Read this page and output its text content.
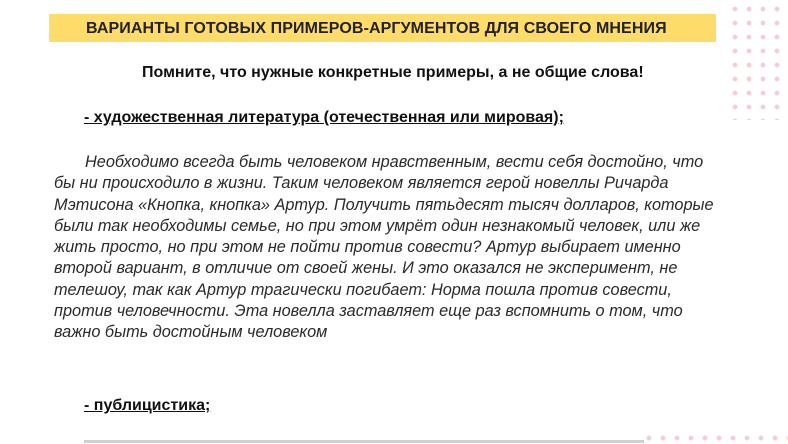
ВАРИАНТЫ ГОТОВЫХ ПРИМЕРОВ-АРГУМЕНТОВ ДЛЯ СВОЕГО МНЕНИЯ
Помните, что нужные конкретные примеры, а не общие слова!
- художественная литература (отечественная или мировая);
Необходимо всегда быть человеком нравственным, вести себя достойно, что
бы ни происходило в жизни. Таким человеком является герой новеллы Ричарда
Мэтисона «Кнопка, кнопка» Артур. Получить пятьдесят тысяч долларов, которые
были так необходимы семье, но при этом умрёт один незнакомый человек, или же
жить просто, но при этом не пойти против совести? Артур выбирает именно
второй вариант, в отличие от своей жены. И это оказался не эксперимент, не
телешоу, так как Артур трагически погибает: Норма пошла против совести,
против человечности. Эта новелла заставляет еще раз вспомнить о том, что
важно быть достойным человеком
- публицистика;
